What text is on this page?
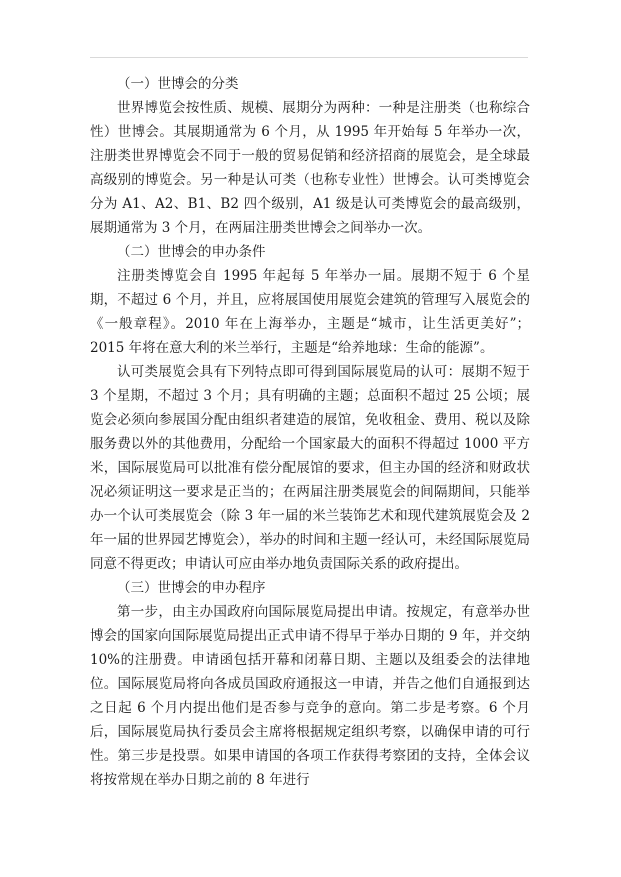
（一）世博会的分类

世界博览会按性质、规模、展期分为两种：一种是注册类（也称综合性）世博会。其展期通常为 6 个月，从 1995 年开始每 5 年举办一次，注册类世界博览会不同于一般的贸易促销和经济招商的展览会，是全球最高级别的博览会。另一种是认可类（也称专业性）世博会。认可类博览会分为 A1、A2、B1、B2 四个级别，A1 级是认可类博览会的最高级别，展期通常为 3 个月，在两届注册类世博会之间举办一次。

（二）世博会的申办条件

注册类博览会自 1995 年起每 5 年举办一届。展期不短于 6 个星期，不超过 6 个月，并且，应将展国使用展览会建筑的管理写入展览会的《一般章程》。2010 年在上海举办，主题是“城市，让生活更美好”；2015 年将在意大利的米兰举行，主题是“给养地球：生命的能源”。

认可类展览会具有下列特点即可得到国际展览局的认可：展期不短于 3 个星期，不超过 3 个月；具有明确的主题；总面积不超过 25 公顷；展览会必须向参展国分配由组织者建造的展馆，免收租金、费用、税以及除服务费以外的其他费用，分配给一个国家最大的面积不得超过 1000 平方米，国际展览局可以批准有偿分配展馆的要求，但主办国的经济和财政状况必须证明这一要求是正当的；在两届注册类展览会的间隔期间，只能举办一个认可类展览会（除 3 年一届的米兰装饰艺术和现代建筑展览会及 2 年一届的世界园艺博览会），举办的时间和主题一经认可，未经国际展览局同意不得更改；申请认可应由举办地负责国际关系的政府提出。

（三）世博会的申办程序

第一步，由主办国政府向国际展览局提出申请。按规定，有意举办世博会的国家向国际展览局提出正式申请不得早于举办日期的 9 年，并交纳 10%的注册费。申请函包括开幕和闭幕日期、主题以及组委会的法律地位。国际展览局将向各成员国政府通报这一申请，并告之他们自通报到达之日起 6 个月内提出他们是否参与竞争的意向。第二步是考察。6 个月后，国际展览局执行委员会主席将根据规定组织考察，以确保申请的可行性。第三步是投票。如果申请国的各项工作获得考察团的支持，全体会议将按常规在举办日期之前的 8 年进行
